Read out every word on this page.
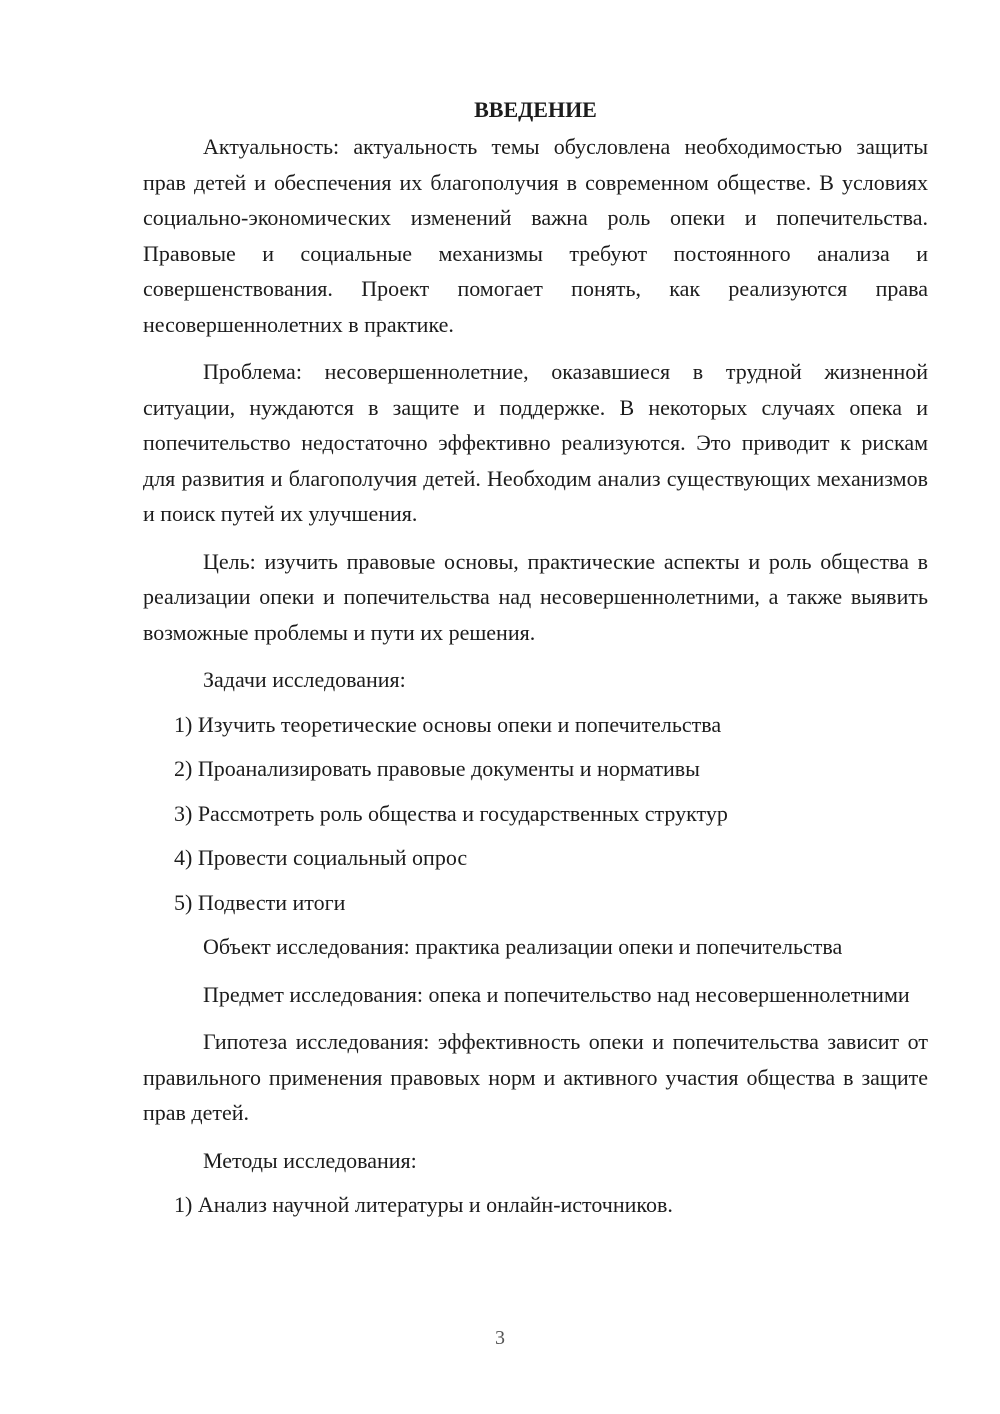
ВВЕДЕНИЕ

Актуальность: актуальность темы обусловлена необходимостью защиты прав детей и обеспечения их благополучия в современном обществе. В условиях социально-экономических изменений важна роль опеки и попечительства. Правовые и социальные механизмы требуют постоянного анализа и совершенствования. Проект помогает понять, как реализуются права несовершеннолетних в практике.

Проблема: несовершеннолетние, оказавшиеся в трудной жизненной ситуации, нуждаются в защите и поддержке. В некоторых случаях опека и попечительство недостаточно эффективно реализуются. Это приводит к рискам для развития и благополучия детей. Необходим анализ существующих механизмов и поиск путей их улучшения.

Цель: изучить правовые основы, практические аспекты и роль общества в реализации опеки и попечительства над несовершеннолетними, а также выявить возможные проблемы и пути их решения.

Задачи исследования:

1) Изучить теоретические основы опеки и попечительства

2) Проанализировать правовые документы и нормативы

3) Рассмотреть роль общества и государственных структур

4) Провести социальный опрос

5) Подвести итоги

Объект исследования: практика реализации опеки и попечительства

Предмет исследования: опека и попечительство над несовершеннолетними

Гипотеза исследования: эффективность опеки и попечительства зависит от правильного применения правовых норм и активного участия общества в защите прав детей.

Методы исследования:

1) Анализ научной литературы и онлайн-источников.

3
